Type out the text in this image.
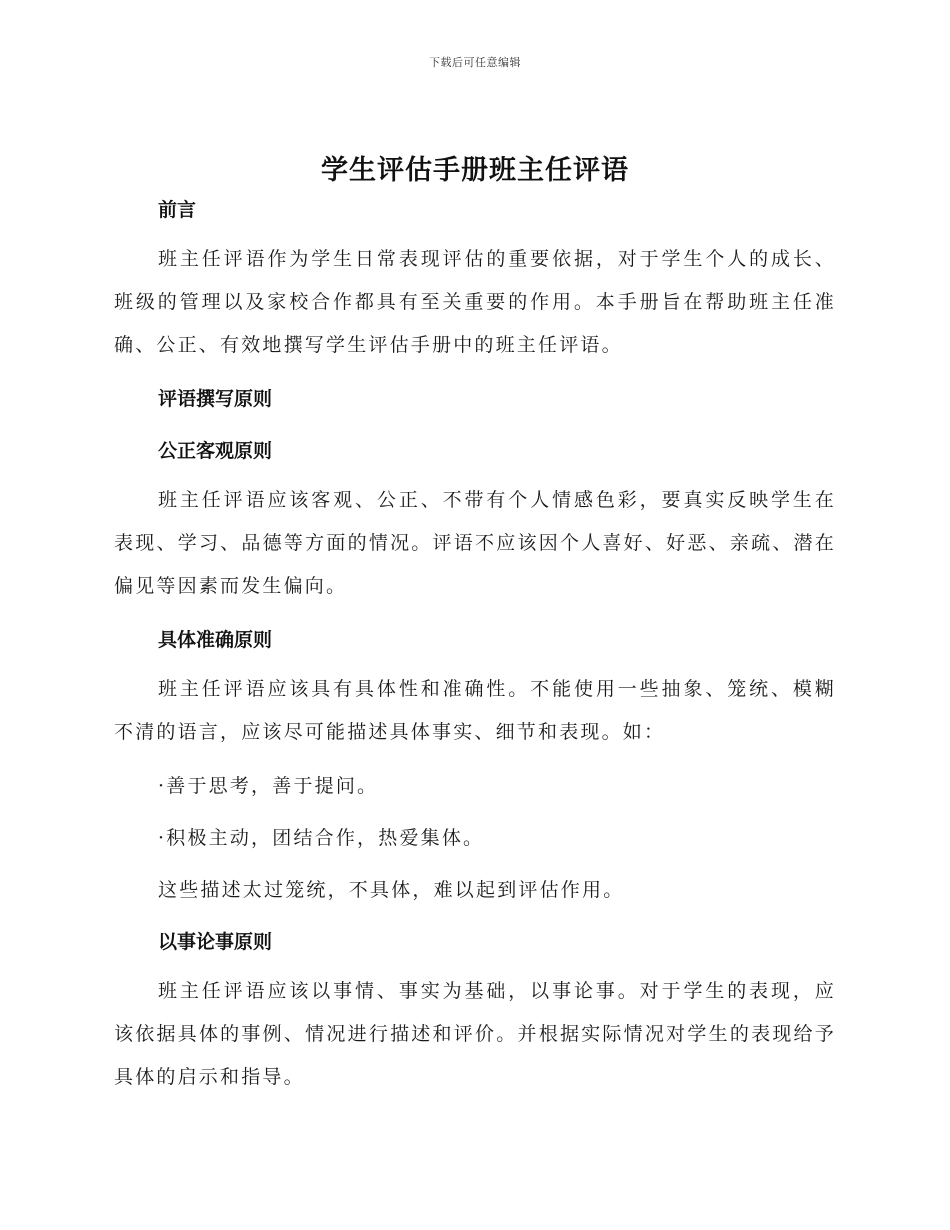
下载后可任意编辑
学生评估手册班主任评语
前言

班主任评语作为学生日常表现评估的重要依据，对于学生个人的成长、班级的管理以及家校合作都具有至关重要的作用。本手册旨在帮助班主任准确、公正、有效地撰写学生评估手册中的班主任评语。

评语撰写原则
公正客观原则

班主任评语应该客观、公正、不带有个人情感色彩，要真实反映学生在表现、学习、品德等方面的情况。评语不应该因个人喜好、好恶、亲疏、潜在偏见等因素而发生偏向。

具体准确原则

班主任评语应该具有具体性和准确性。不能使用一些抽象、笼统、模糊不清的语言，应该尽可能描述具体事实、细节和表现。如：

·善于思考，善于提问。
·积极主动，团结合作，热爱集体。
这些描述太过笼统，不具体，难以起到评估作用。
以事论事原则

班主任评语应该以事情、事实为基础，以事论事。对于学生的表现，应该依据具体的事例、情况进行描述和评价。并根据实际情况对学生的表现给予具体的启示和指导。
